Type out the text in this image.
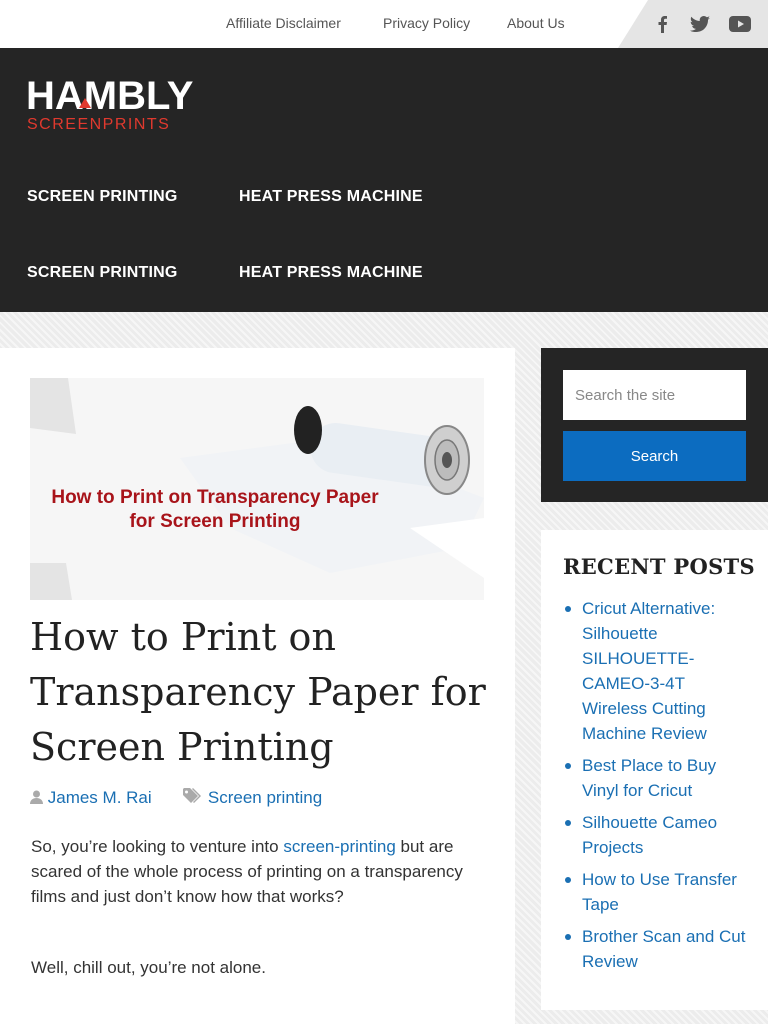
Affiliate Disclaimer	Privacy Policy	About Us
HAMBLY
SCREENPRINTS
SCREEN PRINTING	HEAT PRESS MACHINE
SCREEN PRINTING	HEAT PRESS MACHINE
How to Print on Transparency Paper for Screen Printing
How to Print on Transparency Paper for Screen Printing
James M. Rai	Screen printing

So, you’re looking to venture into screen-printing but are scared of the whole process of printing on a transparency films and just don’t know how that works?

Well, chill out, you’re not alone.

Search the site
Search
RECENT POSTS
Cricut Alternative: Silhouette SILHOUETTE-CAMEO-3-4T Wireless Cutting Machine Review
Best Place to Buy Vinyl for Cricut
Silhouette Cameo Projects
How to Use Transfer Tape
Brother Scan and Cut Review
